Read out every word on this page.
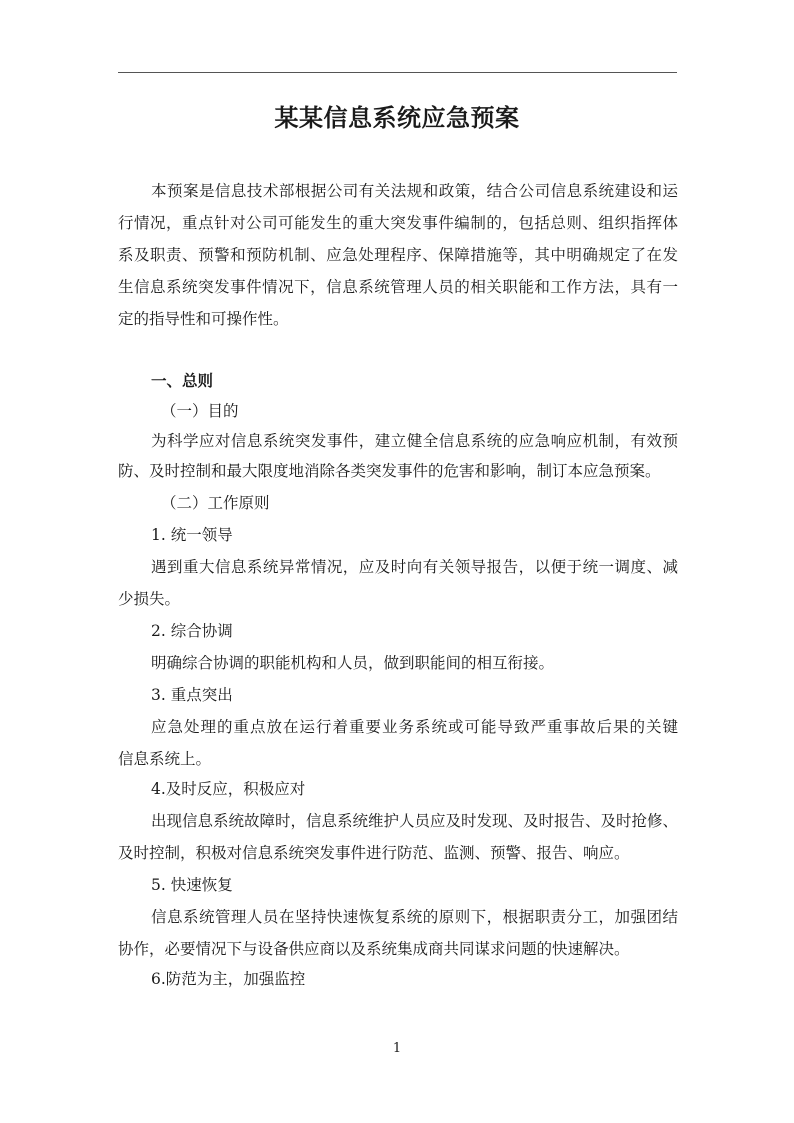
某某信息系统应急预案
本预案是信息技术部根据公司有关法规和政策，结合公司信息系统建设和运
行情况，重点针对公司可能发生的重大突发事件编制的，包括总则、组织指挥体
系及职责、预警和预防机制、应急处理程序、保障措施等，其中明确规定了在发
生信息系统突发事件情况下，信息系统管理人员的相关职能和工作方法，具有一
定的指导性和可操作性。
一、总则
（一）目的
为科学应对信息系统突发事件，建立健全信息系统的应急响应机制，有效预
防、及时控制和最大限度地消除各类突发事件的危害和影响，制订本应急预案。
（二）工作原则
1. 统一领导
遇到重大信息系统异常情况，应及时向有关领导报告，以便于统一调度、减
少损失。
2. 综合协调
明确综合协调的职能机构和人员，做到职能间的相互衔接。
3. 重点突出
应急处理的重点放在运行着重要业务系统或可能导致严重事故后果的关键
信息系统上。
4.及时反应，积极应对
出现信息系统故障时，信息系统维护人员应及时发现、及时报告、及时抢修、
及时控制，积极对信息系统突发事件进行防范、监测、预警、报告、响应。
5. 快速恢复
信息系统管理人员在坚持快速恢复系统的原则下，根据职责分工，加强团结
协作，必要情况下与设备供应商以及系统集成商共同谋求问题的快速解决。
6.防范为主，加强监控
1
